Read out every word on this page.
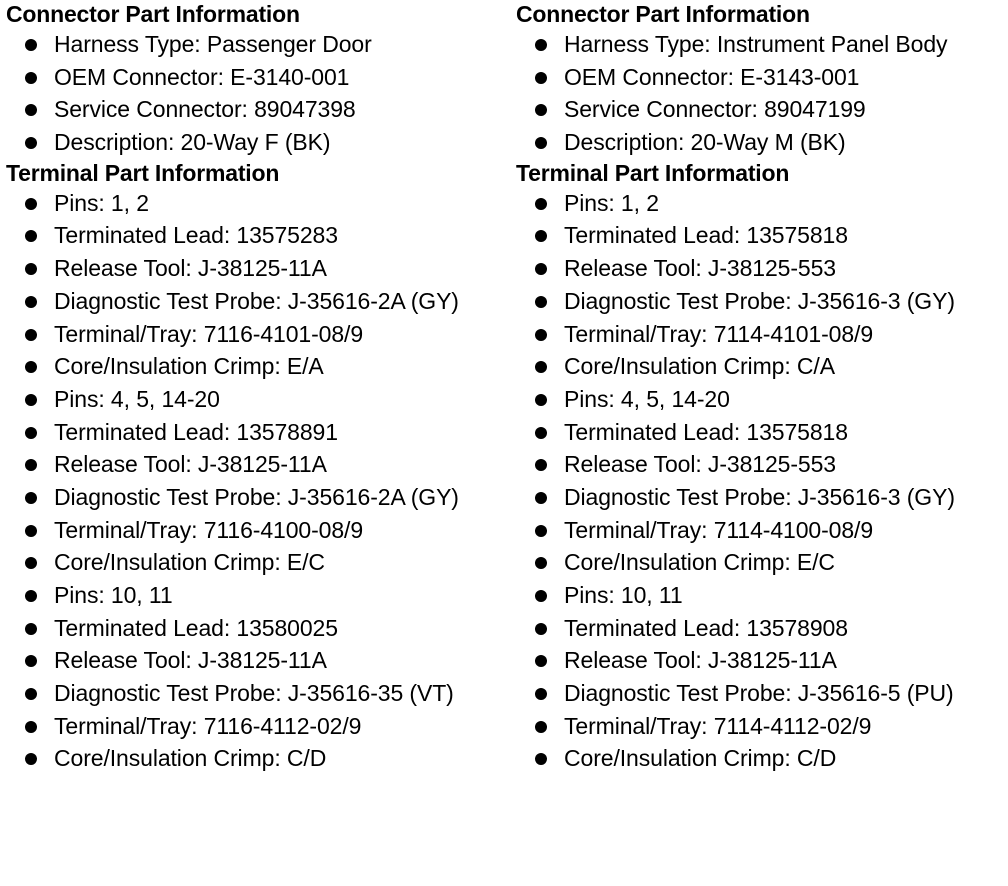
Connector Part Information
Harness Type: Passenger Door
OEM Connector: E-3140-001
Service Connector: 89047398
Description: 20-Way F (BK)
Terminal Part Information
Pins: 1, 2
Terminated Lead: 13575283
Release Tool: J-38125-11A
Diagnostic Test Probe: J-35616-2A (GY)
Terminal/Tray: 7116-4101-08/9
Core/Insulation Crimp: E/A
Pins: 4, 5, 14-20
Terminated Lead: 13578891
Release Tool: J-38125-11A
Diagnostic Test Probe: J-35616-2A (GY)
Terminal/Tray: 7116-4100-08/9
Core/Insulation Crimp: E/C
Pins: 10, 11
Terminated Lead: 13580025
Release Tool: J-38125-11A
Diagnostic Test Probe: J-35616-35 (VT)
Terminal/Tray: 7116-4112-02/9
Core/Insulation Crimp: C/D
Connector Part Information
Harness Type: Instrument Panel Body
OEM Connector: E-3143-001
Service Connector: 89047199
Description: 20-Way M (BK)
Terminal Part Information
Pins: 1, 2
Terminated Lead: 13575818
Release Tool: J-38125-553
Diagnostic Test Probe: J-35616-3 (GY)
Terminal/Tray: 7114-4101-08/9
Core/Insulation Crimp: C/A
Pins: 4, 5, 14-20
Terminated Lead: 13575818
Release Tool: J-38125-553
Diagnostic Test Probe: J-35616-3 (GY)
Terminal/Tray: 7114-4100-08/9
Core/Insulation Crimp: E/C
Pins: 10, 11
Terminated Lead: 13578908
Release Tool: J-38125-11A
Diagnostic Test Probe: J-35616-5 (PU)
Terminal/Tray: 7114-4112-02/9
Core/Insulation Crimp: C/D
